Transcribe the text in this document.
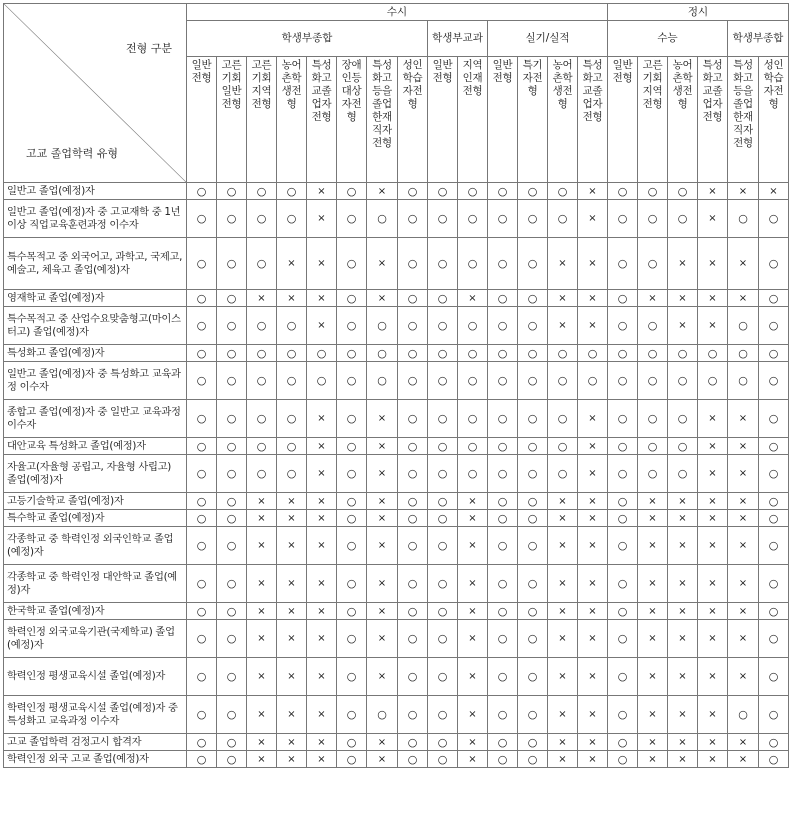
전형 구분
고교 졸업학력 유형	수시														정시					
	학생부종합								학생부교과		실기/실적				수능				학생부종합	
	일반 전형	고른 기회 일반 전형	고른 기회 지역 전형	농어 촌학 생전 형	특성 화고 교졸 업자 전형	장애 인등 대상 자전 형	특성 화고 등을 졸업 한재 직자 전형	성인 학습 자전 형	일반 전형	지역 인재 전형	일반 전형	특기 자전 형	농어 촌학 생전 형	특성 화고 교졸 업자 전형	일반 전형	고른 기회 지역 전형	농어 촌학 생전 형	특성 화고 교졸 업자 전형	특성 화고 등을 졸업 한재 직자 전형	성인 학습 자전 형
일반고 졸업(예정)자	○	○	○	○	×	○	×	○	○	○	○	○	○	×	○	○	○	×	×	×
일반고 졸업(예정)자 중 고교재학 중 1년 이상 직업교육훈련과정 이수자	○	○	○	○	×	○	○	○	○	○	○	○	○	×	○	○	○	×	○	○
특수목적고 중 외국어고, 과학고, 국제고, 예술고, 체육고 졸업(예정)자	○	○	○	×	×	○	×	○	○	○	○	○	×	×	○	○	×	×	×	○
영재학교 졸업(예정)자	○	○	×	×	×	○	×	○	○	×	○	○	×	×	○	×	×	×	×	○
특수목적고 중 산업수요맞춤형고(마이스터고) 졸업(예정)자	○	○	○	○	×	○	○	○	○	○	○	○	×	×	○	○	×	×	○	○
특성화고 졸업(예정)자	○	○	○	○	○	○	○	○	○	○	○	○	○	○	○	○	○	○	○	○
일반고 졸업(예정)자 중 특성화고 교육과정 이수자	○	○	○	○	○	○	○	○	○	○	○	○	○	○	○	○	○	○	○	○
종합고 졸업(예정)자 중 일반고 교육과정 이수자	○	○	○	○	×	○	×	○	○	○	○	○	○	×	○	○	○	×	×	○
대안교육 특성화고 졸업(예정)자	○	○	○	○	×	○	×	○	○	○	○	○	○	×	○	○	○	×	×	○
자율고(자율형 공립고, 자율형 사립고) 졸업(예정)자	○	○	○	○	×	○	×	○	○	○	○	○	○	×	○	○	○	×	×	○
고등기술학교 졸업(예정)자	○	○	×	×	×	○	×	○	○	×	○	○	×	×	○	×	×	×	×	○
특수학교 졸업(예정)자	○	○	×	×	×	○	×	○	○	×	○	○	×	×	○	×	×	×	×	○
각종학교 중 학력인정 외국인학교 졸업(예정)자	○	○	×	×	×	○	×	○	○	×	○	○	×	×	○	×	×	×	×	○
각종학교 중 학력인정 대안학교 졸업(예정)자	○	○	×	×	×	○	×	○	○	×	○	○	×	×	○	×	×	×	×	○
한국학교 졸업(예정)자	○	○	×	×	×	○	×	○	○	×	○	○	×	×	○	×	×	×	×	○
학력인정 외국교육기관(국제학교) 졸업(예정)자	○	○	×	×	×	○	×	○	○	×	○	○	×	×	○	×	×	×	×	○
학력인정 평생교육시설 졸업(예정)자	○	○	×	×	×	○	×	○	○	×	○	○	×	×	○	×	×	×	×	○
학력인정 평생교육시설 졸업(예정)자 중 특성화고 교육과정 이수자	○	○	×	×	×	○	○	○	○	×	○	○	×	×	○	×	×	×	○	○
고교 졸업학력 검정고시 합격자	○	○	×	×	×	○	×	○	○	×	○	○	×	×	○	×	×	×	×	○
학력인정 외국 고교 졸업(예정)자	○	○	×	×	×	○	×	○	○	×	○	○	×	×	○	×	×	×	×	○
